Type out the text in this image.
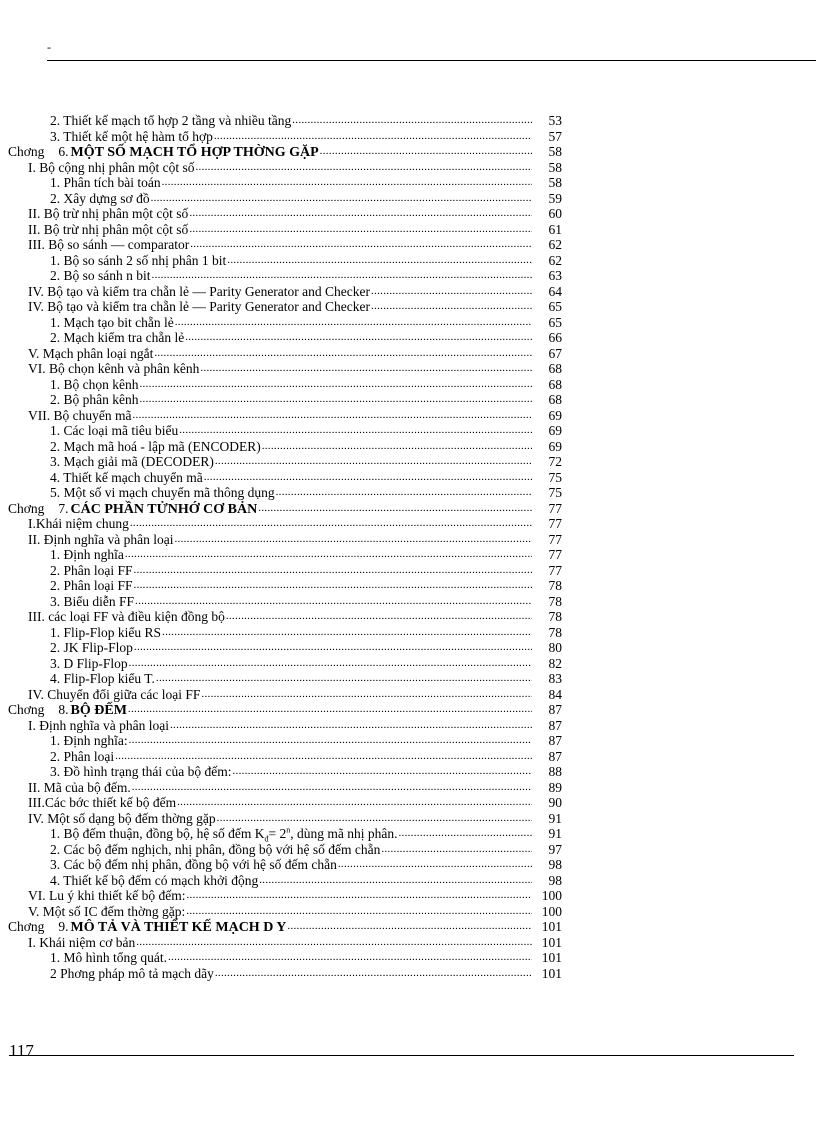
-
2. Thiết kế mạch tổ hợp 2 tầng và nhiều tầng .....	53
3. Thiết kế một hệ hàm tổ hợp .....	57
Chơng 6. MỘT SỐ MẠCH TỔ HỢP THỜNG GẶP .....	58
I. Bộ cộng nhị phân một cột số .....	58
1. Phân tích bài toán .....	58
2. Xây dựng sơ đồ .....	59
II. Bộ trừ nhị phân một cột số .....	60
II. Bộ trừ nhị phân một cột số .....	61
III. Bộ so sánh — comparator .....	62
1. Bộ so sánh 2 số nhị phân 1 bit .....	62
2. Bộ so sánh n bit .....	63
IV. Bộ tạo và kiểm tra chẵn lẻ — Parity Generator and Checker .....	64
IV. Bộ tạo và kiểm tra chẵn lẻ — Parity Generator and Checker .....	65
1. Mạch tạo bit chẵn lẻ .....	65
2. Mạch kiểm tra chẵn lẻ .....	66
V. Mạch phân loại ngắt .....	67
VI. Bộ chọn kênh và phân kênh .....	68
1. Bộ chọn kênh .....	68
2. Bộ phân kênh .....	68
VII. Bộ chuyển mã .....	69
1. Các loại mã tiêu biểu .....	69
2. Mạch mã hoá - lập mã (ENCODER) .....	69
3. Mạch giải mã (DECODER) .....	72
4. Thiết kế mạch chuyển mã .....	75
5. Một số vi mạch chuyển mã thông dụng .....	75
Chơng 7. CÁC PHẦN TỬNHỚ CƠ BẢN .....	77
I.Khái niệm chung .....	77
II. Định nghĩa và phân loại .....	77
1. Định nghĩa .....	77
2. Phân loại FF .....	77
2. Phân loại FF .....	78
3. Biểu diễn FF .....	78
III. các loại FF và điều kiện đồng bộ .....	78
1. Flip-Flop kiểu RS .....	78
2. JK Flip-Flop .....	80
3. D Flip-Flop .....	82
4. Flip-Flop kiểu T. .....	83
IV. Chuyển đổi giữa các loại FF .....	84
Chơng 8. BỘ ĐẾM .....	87
I. Định nghĩa và phân loại .....	87
1. Định nghĩa: .....	87
2. Phân loại .....	87
3. Đồ hình trạng thái của bộ đếm: .....	88
II. Mã của bộ đếm. .....	89
III.Các bớc thiết kế bộ đếm .....	90
IV. Một số dạng bộ đếm thờng gặp .....	91
1. Bộ đếm thuận, đồng bộ, hệ số đếm $K_đ= 2^n$, dùng mã nhị phân. .....	91
2. Các bộ đếm nghịch, nhị phân, đồng bộ với hệ số đếm chẵn .....	97
3. Các bộ đếm nhị phân, đồng bộ với hệ số đếm chẵn .....	98
4. Thiết kế bộ đếm có mạch khởi động .....	98
VI. Lu ý khi thiết kế bộ đếm: .....	100
V. Một số IC đếm thờng gặp: .....	100
Chơng 9. MÔ TẢ VÀ THIẾT KẾ MẠCH D Y .....	101
I. Khái niệm cơ bản .....	101
1. Mô hình tổng quát. .....	101
2 Phơng pháp mô tả mạch dãy .....	101
117
